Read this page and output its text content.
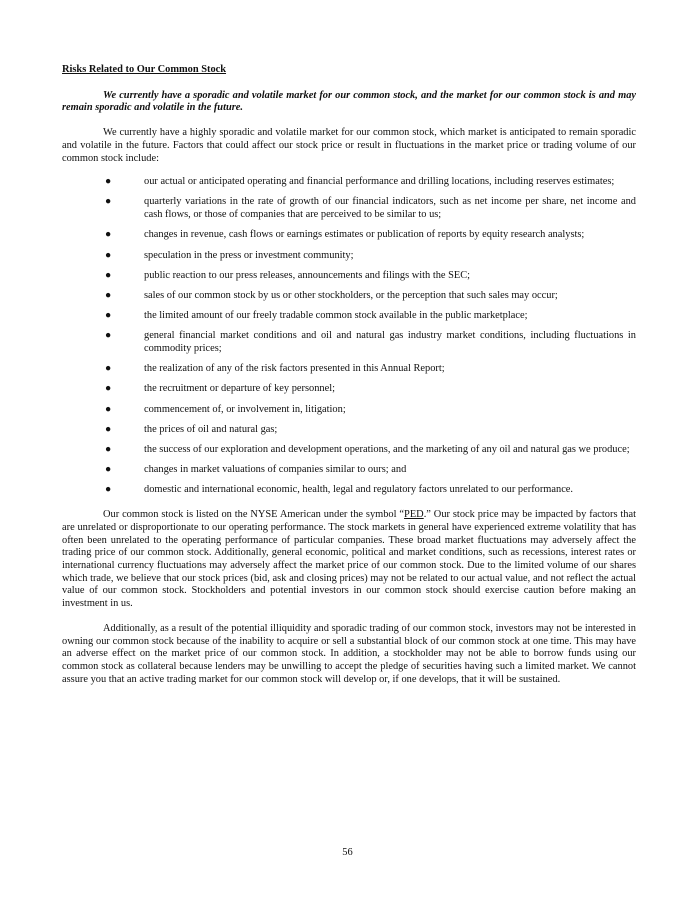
Risks Related to Our Common Stock
We currently have a sporadic and volatile market for our common stock, and the market for our common stock is and may remain sporadic and volatile in the future.
We currently have a highly sporadic and volatile market for our common stock, which market is anticipated to remain sporadic and volatile in the future. Factors that could affect our stock price or result in fluctuations in the market price or trading volume of our common stock include:
●	our actual or anticipated operating and financial performance and drilling locations, including reserves estimates;
●	quarterly variations in the rate of growth of our financial indicators, such as net income per share, net income and cash flows, or those of companies that are perceived to be similar to us;
●	changes in revenue, cash flows or earnings estimates or publication of reports by equity research analysts;
●	speculation in the press or investment community;
●	public reaction to our press releases, announcements and filings with the SEC;
●	sales of our common stock by us or other stockholders, or the perception that such sales may occur;
●	the limited amount of our freely tradable common stock available in the public marketplace;
●	general financial market conditions and oil and natural gas industry market conditions, including fluctuations in commodity prices;
●	the realization of any of the risk factors presented in this Annual Report;
●	the recruitment or departure of key personnel;
●	commencement of, or involvement in, litigation;
●	the prices of oil and natural gas;
●	the success of our exploration and development operations, and the marketing of any oil and natural gas we produce;
●	changes in market valuations of companies similar to ours; and
●	domestic and international economic, health, legal and regulatory factors unrelated to our performance.
Our common stock is listed on the NYSE American under the symbol “PED.” Our stock price may be impacted by factors that are unrelated or disproportionate to our operating performance. The stock markets in general have experienced extreme volatility that has often been unrelated to the operating performance of particular companies. These broad market fluctuations may adversely affect the trading price of our common stock. Additionally, general economic, political and market conditions, such as recessions, interest rates or international currency fluctuations may adversely affect the market price of our common stock. Due to the limited volume of our shares which trade, we believe that our stock prices (bid, ask and closing prices) may not be related to our actual value, and not reflect the actual value of our common stock. Stockholders and potential investors in our common stock should exercise caution before making an investment in us.
Additionally, as a result of the potential illiquidity and sporadic trading of our common stock, investors may not be interested in owning our common stock because of the inability to acquire or sell a substantial block of our common stock at one time. This may have an adverse effect on the market price of our common stock. In addition, a stockholder may not be able to borrow funds using our common stock as collateral because lenders may be unwilling to accept the pledge of securities having such a limited market. We cannot assure you that an active trading market for our common stock will develop or, if one develops, that it will be sustained.
56
